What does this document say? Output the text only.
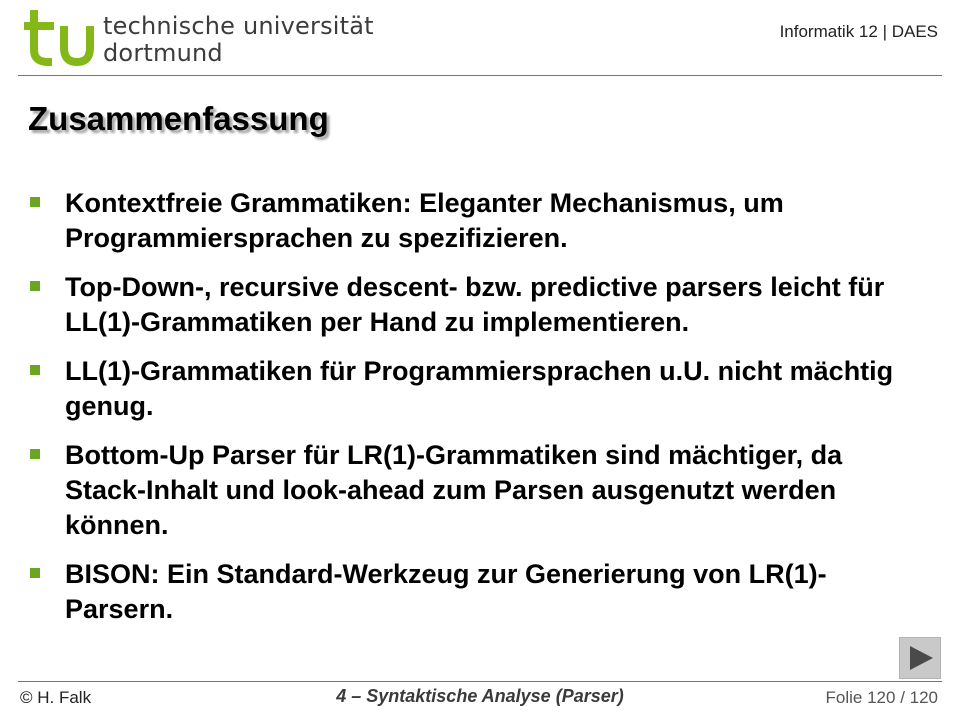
technische universität
dortmund
Informatik 12 | DAES
Zusammenfassung
Kontextfreie Grammatiken: Eleganter Mechanismus, um Programmiersprachen zu spezifizieren.
Top-Down-, recursive descent- bzw. predictive parsers leicht für LL(1)-Grammatiken per Hand zu implementieren.
LL(1)-Grammatiken für Programmiersprachen u.U. nicht mächtig genug.
Bottom-Up Parser für LR(1)-Grammatiken sind mächtiger, da Stack-Inhalt und look-ahead zum Parsen ausgenutzt werden können.
BISON: Ein Standard-Werkzeug zur Generierung von LR(1)-Parsern.
© H. Falk	4 – Syntaktische Analyse (Parser)	Folie 120 / 120
